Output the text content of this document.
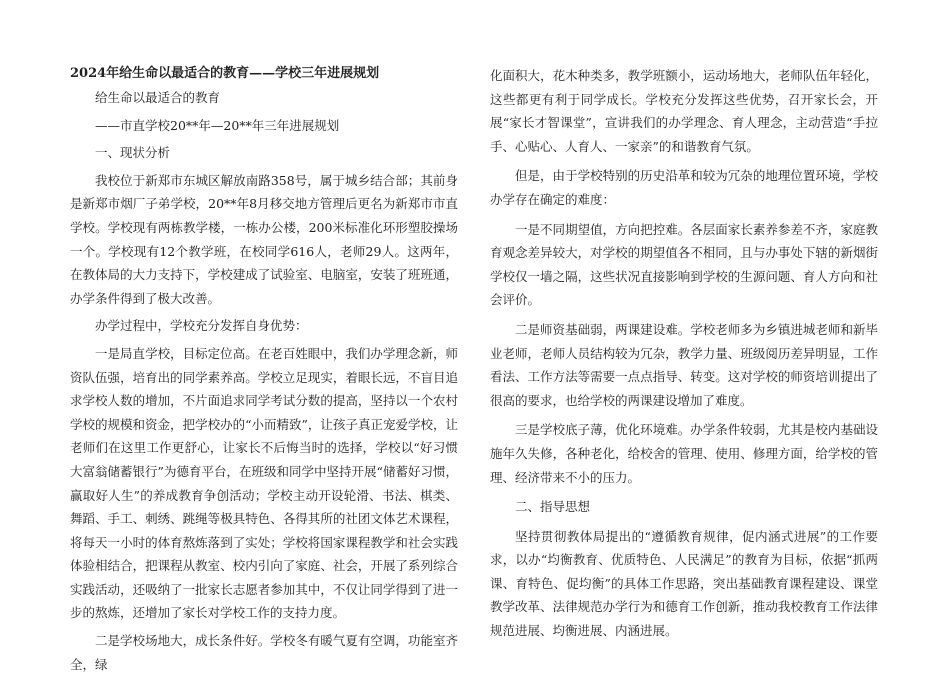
2024年给生命以最适合的教育——学校三年进展规划

给生命以最适合的教育

——市直学校20**年—20**年三年进展规划

一、现状分析

我校位于新郑市东城区解放南路358号，属于城乡结合部；其前身是新郑市烟厂子弟学校，20**年8月移交地方管理后更名为新郑市市直学校。学校现有两栋教学楼，一栋办公楼，200米标准化环形塑胶操场一个。学校现有12个教学班，在校同学616人，老师29人。这两年，在教体局的大力支持下，学校建成了试验室、电脑室，安装了班班通，办学条件得到了极大改善。

办学过程中，学校充分发挥自身优势：

一是局直学校，目标定位高。在老百姓眼中，我们办学理念新，师资队伍强，培育出的同学素养高。学校立足现实，着眼长远，不盲目追求学校人数的增加，不片面追求同学考试分数的提高，坚持以一个农村学校的规模和资金，把学校办的“小而精致”，让孩子真正宠爱学校，让老师们在这里工作更舒心，让家长不后悔当时的选择，学校以“好习惯大富翁储蓄银行”为德育平台，在班级和同学中坚持开展“储蓄好习惯，赢取好人生”的养成教育争创活动；学校主动开设轮滑、书法、棋类、舞蹈、手工、刺绣、跳绳等极具特色、各得其所的社团文体艺术课程，将每天一小时的体育熬炼落到了实处；学校将国家课程教学和社会实践体验相结合，把课程从教室、校内引向了家庭、社会，开展了系列综合实践活动，还吸纳了一批家长志愿者参加其中，不仅让同学得到了进一步的熬炼，还增加了家长对学校工作的支持力度。

二是学校场地大，成长条件好。学校冬有暖气夏有空调，功能室齐全，绿

化面积大，花木种类多，教学班额小，运动场地大，老师队伍年轻化，这些都更有利于同学成长。学校充分发挥这些优势，召开家长会，开展“家长才智课堂”，宣讲我们的办学理念、育人理念，主动营造“手拉手、心贴心、人育人、一家亲”的和谐教育气氛。

但是，由于学校特别的历史沿革和较为冗杂的地理位置环境，学校办学存在确定的难度：

一是不同期望值，方向把控难。各层面家长素养参差不齐，家庭教育观念差异较大，对学校的期望值各不相同，且与办事处下辖的新烟街学校仅一墙之隔，这些状况直接影响到学校的生源问题、育人方向和社会评价。

二是师资基础弱，两课建设难。学校老师多为乡镇进城老师和新毕业老师，老师人员结构较为冗杂，教学力量、班级阅历差异明显，工作看法、工作方法等需要一点点指导、转变。这对学校的师资培训提出了很高的要求，也给学校的两课建设增加了难度。

三是学校底子薄，优化环境难。办学条件较弱，尤其是校内基础设施年久失修，各种老化，给校舍的管理、使用、修理方面，给学校的管理、经济带来不小的压力。

二、指导思想

坚持贯彻教体局提出的“遵循教育规律，促内涵式进展”的工作要求，以办“均衡教育、优质特色、人民满足”的教育为目标，依据“抓两课、育特色、促均衡”的具体工作思路，突出基础教育课程建设、课堂教学改革、法律规范办学行为和德育工作创新，推动我校教育工作法律规范进展、均衡进展、内涵进展。
